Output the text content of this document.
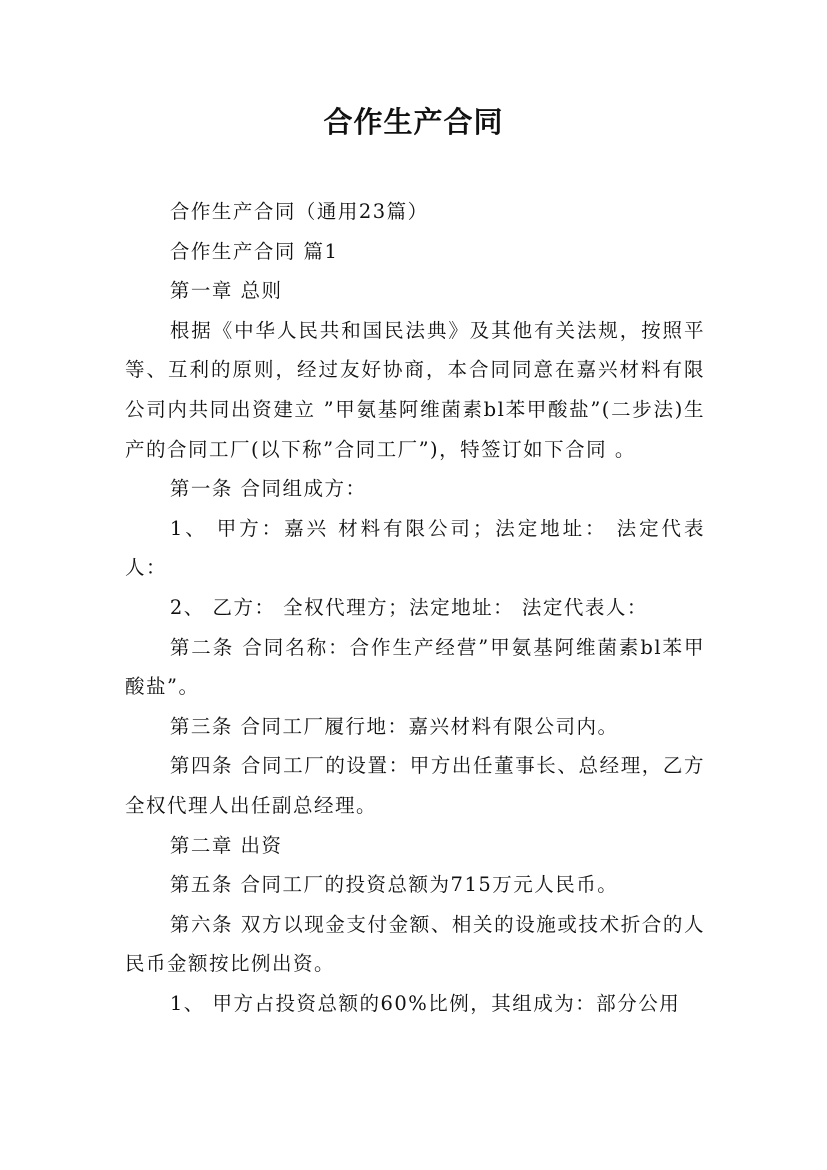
合作生产合同

合作生产合同（通用23篇）

合作生产合同 篇1

第一章 总则

根据《中华人民共和国民法典》及其他有关法规，按照平等、互利的原则，经过友好协商，本合同同意在嘉兴材料有限公司内共同出资建立 ”甲氨基阿维菌素bl苯甲酸盐”(二步法)生产的合同工厂(以下称”合同工厂”)，特签订如下合同 。

第一条 合同组成方：

1、 甲方：嘉兴 材料有限公司；法定地址： 法定代表人：

2、 乙方： 全权代理方；法定地址： 法定代表人：

第二条 合同名称：合作生产经营”甲氨基阿维菌素bl苯甲酸盐”。

第三条 合同工厂履行地：嘉兴材料有限公司内。

第四条 合同工厂的设置：甲方出任董事长、总经理，乙方全权代理人出任副总经理。

第二章 出资

第五条 合同工厂的投资总额为715万元人民币。

第六条 双方以现金支付金额、相关的设施或技术折合的人民币金额按比例出资。

1、 甲方占投资总额的60%比例，其组成为：部分公用
